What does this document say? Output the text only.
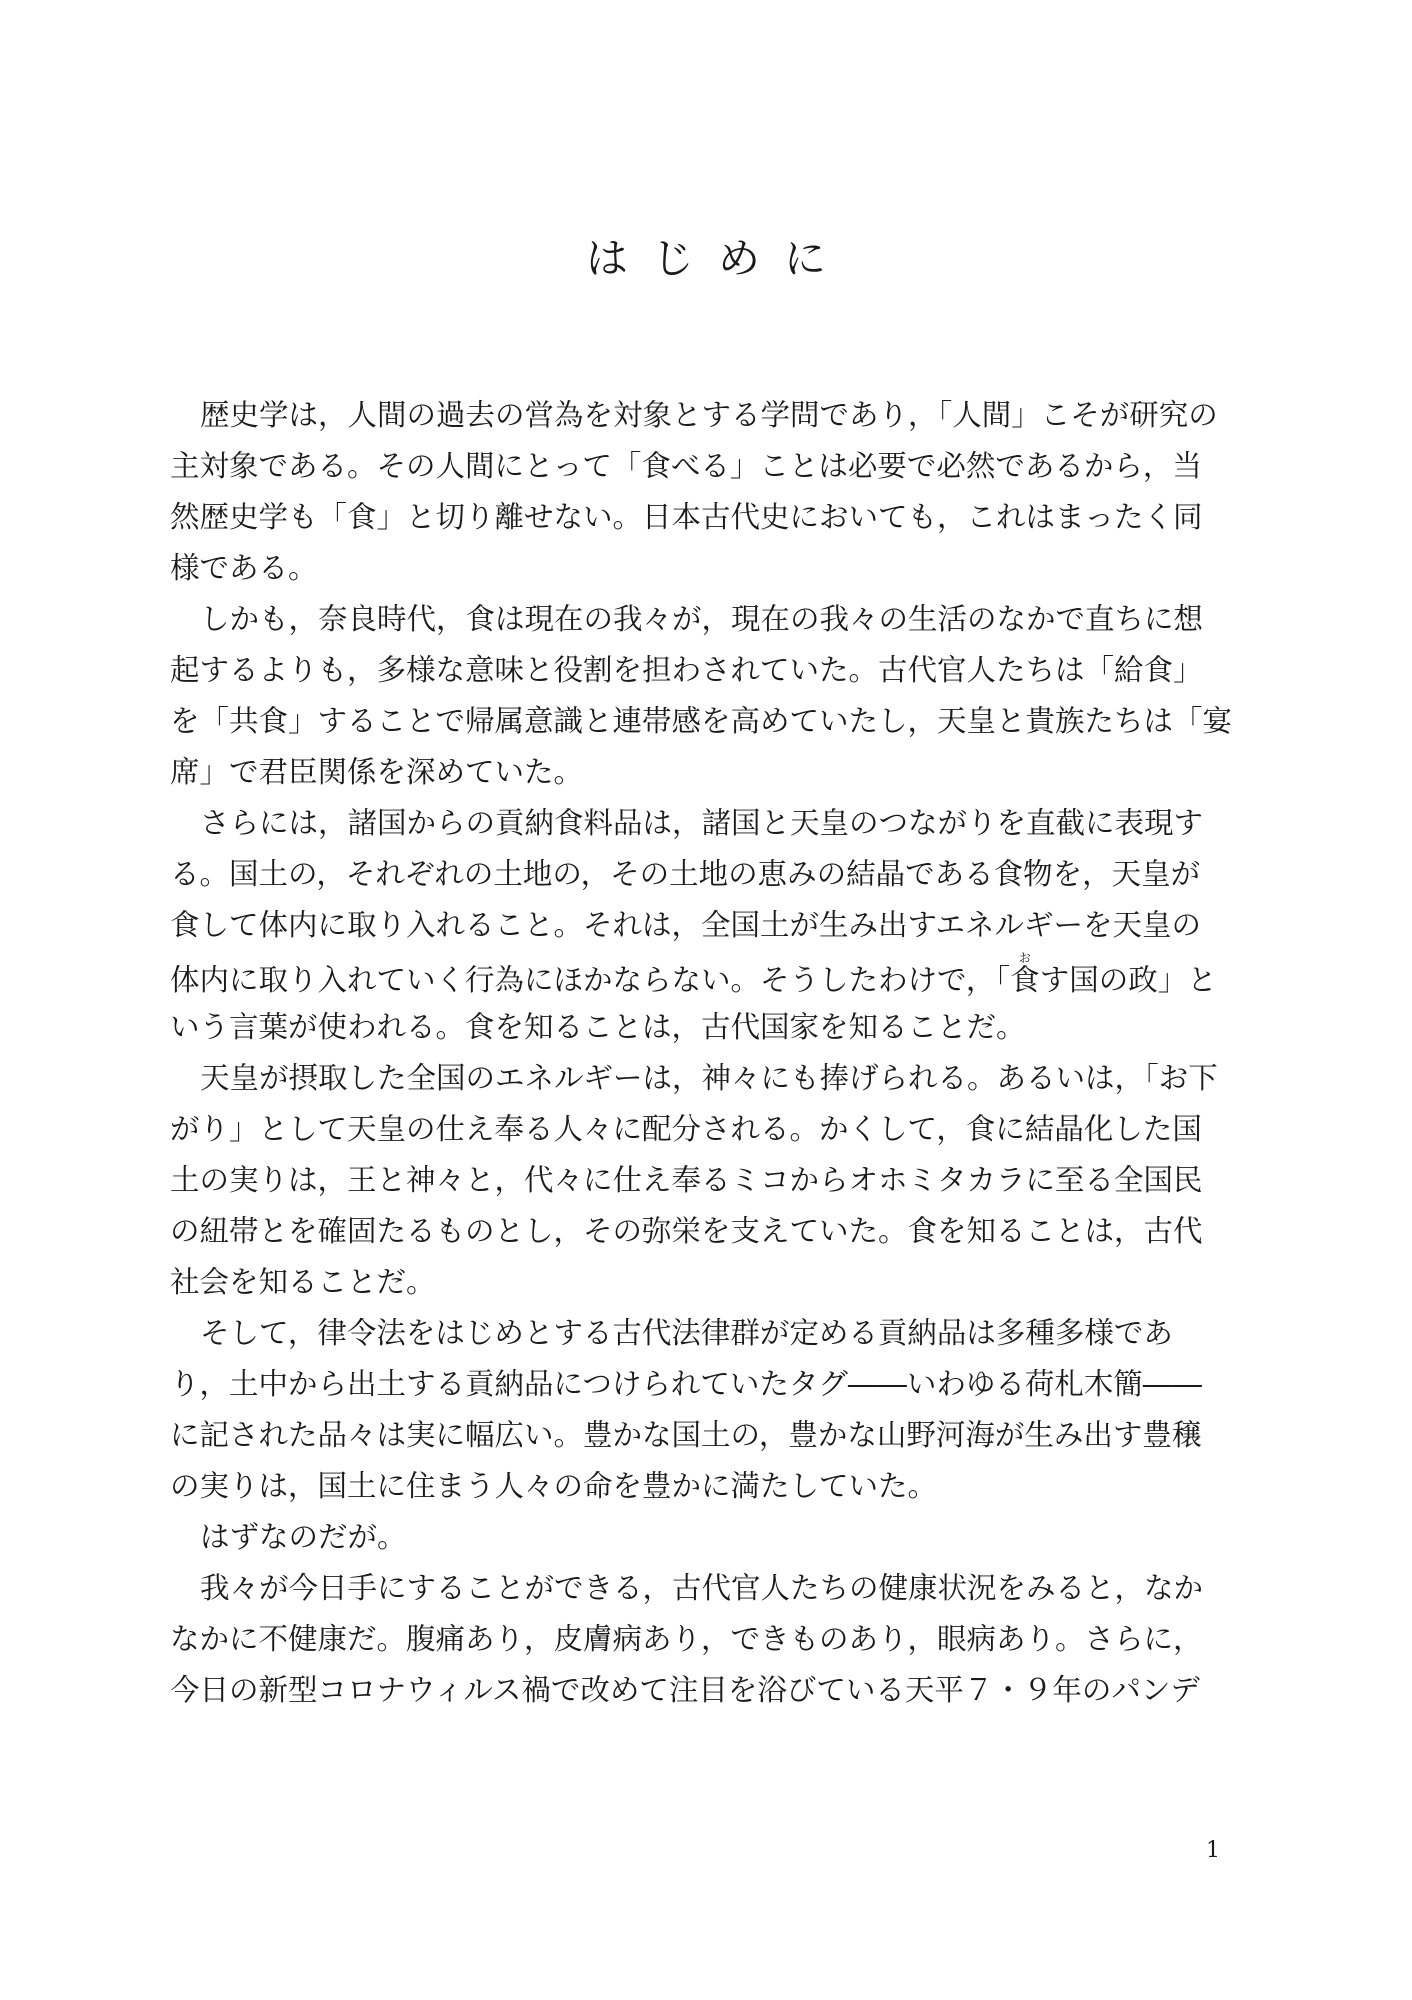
はじめに
歴史学は，人間の過去の営為を対象とする学問であり，「人間」こそが研究の
主対象である。その人間にとって「食べる」ことは必要で必然であるから，当
然歴史学も「食」と切り離せない。日本古代史においても，これはまったく同
様である。
しかも，奈良時代，食は現在の我々が，現在の我々の生活のなかで直ちに想
起するよりも，多様な意味と役割を担わされていた。古代官人たちは「給食」
を「共食」することで帰属意識と連帯感を高めていたし，天皇と貴族たちは「宴
席」で君臣関係を深めていた。
さらには，諸国からの貢納食料品は，諸国と天皇のつながりを直截に表現す
る。国土の，それぞれの土地の，その土地の恵みの結晶である食物を，天皇が
食して体内に取り入れること。それは，全国土が生み出すエネルギーを天皇の
体内に取り入れていく行為にほかならない。そうしたわけで，「食おす国の政」と
いう言葉が使われる。食を知ることは，古代国家を知ることだ。
天皇が摂取した全国のエネルギーは，神々にも捧げられる。あるいは，「お下
がり」として天皇の仕え奉る人々に配分される。かくして，食に結晶化した国
土の実りは，王と神々と，代々に仕え奉るミコからオホミタカラに至る全国民
の紐帯とを確固たるものとし，その弥栄を支えていた。食を知ることは，古代
社会を知ることだ。
そして，律令法をはじめとする古代法律群が定める貢納品は多種多様であ
り，土中から出土する貢納品につけられていたタグ――いわゆる荷札木簡――
に記された品々は実に幅広い。豊かな国土の，豊かな山野河海が生み出す豊穣
の実りは，国土に住まう人々の命を豊かに満たしていた。
はずなのだが。
我々が今日手にすることができる，古代官人たちの健康状況をみると，なか
なかに不健康だ。腹痛あり，皮膚病あり，できものあり，眼病あり。さらに，
今日の新型コロナウィルス禍で改めて注目を浴びている天平７・９年のパンデ
1
